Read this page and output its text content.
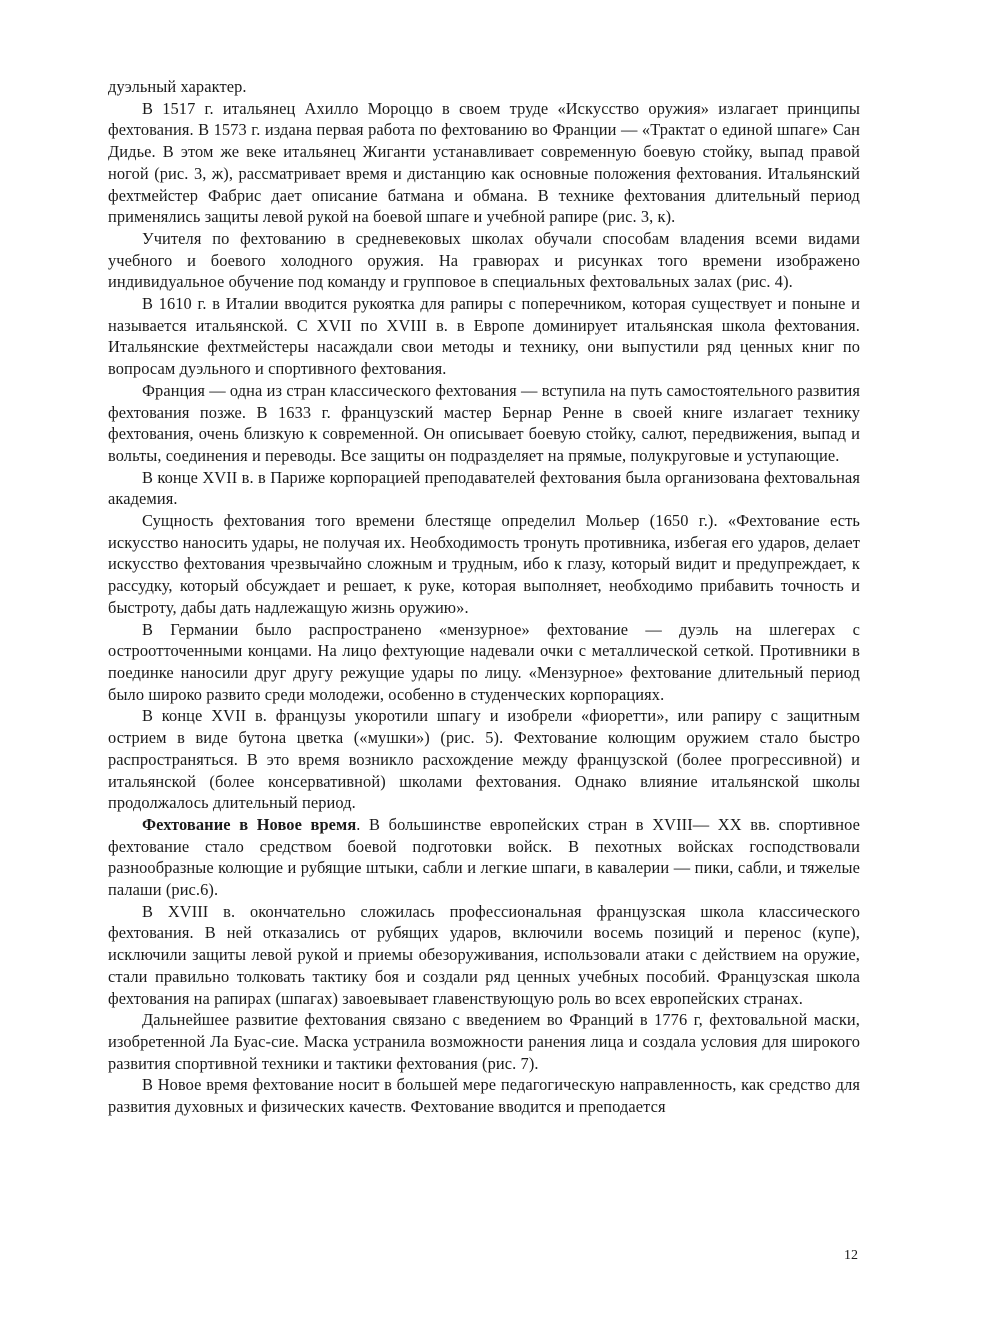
дуэльный характер.

В 1517 г. итальянец Ахилло Мороццо в своем труде «Искусство оружия» излагает принципы фехтования. В 1573 г. издана первая работа по фехтованию во Франции — «Трактат о единой шпаге» Сан Дидье. В этом же веке итальянец Жиганти устанавливает современную боевую стойку, выпад правой ногой (рис. 3, ж), рассматривает время и дистанцию как основные положения фехтования. Итальянский фехтмейстер Фабрис дает описание батмана и обмана. В технике фехтования длительный период применялись защиты левой рукой на боевой шпаге и учебной рапире (рис. 3, к).

Учителя по фехтованию в средневековых школах обучали способам владения всеми видами учебного и боевого холодного оружия. На гравюрах и рисунках того времени изображено индивидуальное обучение под команду и групповое в специальных фехтовальных залах (рис. 4).

В 1610 г. в Италии вводится рукоятка для рапиры с поперечником, которая существует и поныне и называется итальянской. С XVII по XVIII в. в Европе доминирует итальянская школа фехтования. Итальянские фехтмейстеры насаждали свои методы и технику, они выпустили ряд ценных книг по вопросам дуэльного и спортивного фехтования.

Франция — одна из стран классического фехтования — вступила на путь самостоятельного развития фехтования позже. В 1633 г. французский мастер Бернар Ренне в своей книге излагает технику фехтования, очень близкую к современной. Он описывает боевую стойку, салют, передвижения, выпад и вольты, соединения и переводы. Все защиты он подразделяет на прямые, полукруговые и уступающие.

В конце XVII в. в Париже корпорацией преподавателей фехтования была организована фехтовальная академия.

Сущность фехтования того времени блестяще определил Мольер (1650 г.). «Фехтование есть искусство наносить удары, не получая их. Необходимость тронуть противника, избегая его ударов, делает искусство фехтования чрезвычайно сложным и трудным, ибо к глазу, который видит и предупреждает, к рассудку, который обсуждает и решает, к руке, которая выполняет, необходимо прибавить точность и быстроту, дабы дать надлежащую жизнь оружию».

В Германии было распространено «мензурное» фехтование — дуэль на шлегерах с остроотточенными концами. На лицо фехтующие надевали очки с металлической сеткой. Противники в поединке наносили друг другу режущие удары по лицу. «Мензурное» фехтование длительный период было широко развито среди молодежи, особенно в студенческих корпорациях.

В конце XVII в. французы укоротили шпагу и изобрели «фиоретти», или рапиру с защитным острием в виде бутона цветка («мушки») (рис. 5). Фехтование колющим оружием стало быстро распространяться. В это время возникло расхождение между французской (более прогрессивной) и итальянской (более консервативной) школами фехтования. Однако влияние итальянской школы продолжалось длительный период.

Фехтование в Новое время. В большинстве европейских стран в XVIII— XX вв. спортивное фехтование стало средством боевой подготовки войск. В пехотных войсках господствовали разнообразные колющие и рубящие штыки, сабли и легкие шпаги, в кавалерии — пики, сабли, и тяжелые палаши (рис.6).

В XVIII в. окончательно сложилась профессиональная французская школа классического фехтования. В ней отказались от рубящих ударов, включили восемь позиций и перенос (купе), исключили защиты левой рукой и приемы обезоруживания, использовали атаки с действием на оружие, стали правильно толковать тактику боя и создали ряд ценных учебных пособий. Французская школа фехтования на рапирах (шпагах) завоевывает главенствующую роль во всех европейских странах.

Дальнейшее развитие фехтования связано с введением во Франций в 1776 г, фехтовальной маски, изобретенной Ла Буас-сие. Маска устранила возможности ранения лица и создала условия для широкого развития спортивной техники и тактики фехтования (рис. 7).

В Новое время фехтование носит в большей мере педагогическую направленность, как средство для развития духовных и физических качеств. Фехтование вводится и преподается

12
